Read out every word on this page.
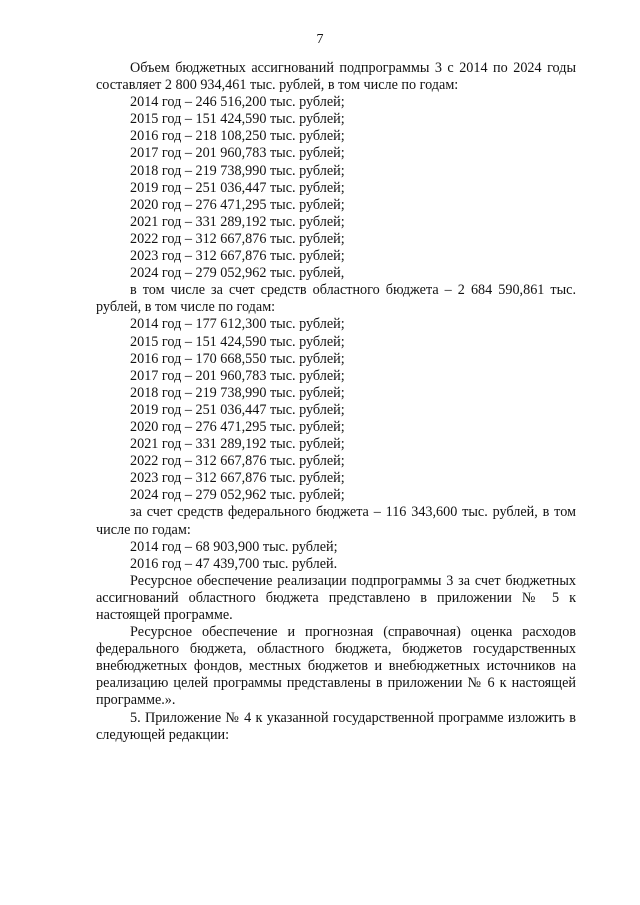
7

Объем бюджетных ассигнований подпрограммы 3 с 2014 по 2024 годы составляет 2 800 934,461 тыс. рублей, в том числе по годам:

2014 год – 246 516,200 тыс. рублей;

2015 год – 151 424,590 тыс. рублей;

2016 год – 218 108,250 тыс. рублей;

2017 год – 201 960,783 тыс. рублей;

2018 год – 219 738,990 тыс. рублей;

2019 год – 251 036,447 тыс. рублей;

2020 год – 276 471,295 тыс. рублей;

2021 год – 331 289,192 тыс. рублей;

2022 год – 312 667,876 тыс. рублей;

2023 год – 312 667,876 тыс. рублей;

2024 год – 279 052,962 тыс. рублей,

в том числе за счет средств областного бюджета – 2 684 590,861 тыс. рублей, в том числе по годам:

2014 год – 177 612,300 тыс. рублей;

2015 год – 151 424,590 тыс. рублей;

2016 год – 170 668,550 тыс. рублей;

2017 год – 201 960,783 тыс. рублей;

2018 год – 219 738,990 тыс. рублей;

2019 год – 251 036,447 тыс. рублей;

2020 год – 276 471,295 тыс. рублей;

2021 год – 331 289,192 тыс. рублей;

2022 год – 312 667,876 тыс. рублей;

2023 год – 312 667,876 тыс. рублей;

2024 год – 279 052,962 тыс. рублей;

за счет средств федерального бюджета – 116 343,600 тыс. рублей, в том числе по годам:

2014 год – 68 903,900 тыс. рублей;

2016 год – 47 439,700 тыс. рублей.

Ресурсное обеспечение реализации подпрограммы 3 за счет бюджетных ассигнований областного бюджета представлено в приложении № 5 к настоящей программе.

Ресурсное обеспечение и прогнозная (справочная) оценка расходов федерального бюджета, областного бюджета, бюджетов государственных внебюджетных фондов, местных бюджетов и внебюджетных источников на реализацию целей программы представлены в приложении № 6 к настоящей программе.».

5. Приложение № 4 к указанной государственной программе изложить в следующей редакции:
